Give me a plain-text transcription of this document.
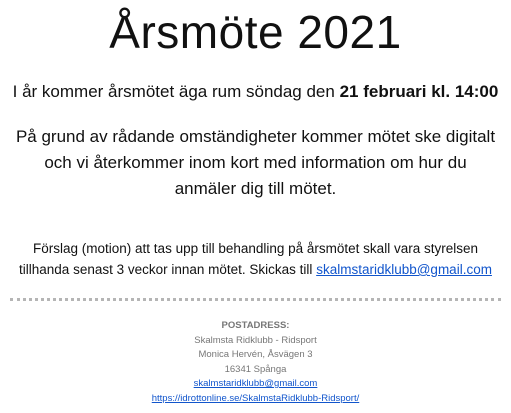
Årsmöte 2021
I år kommer årsmötet äga rum söndag den 21 februari kl. 14:00
På grund av rådande omständigheter kommer mötet ske digitalt och vi återkommer inom kort med information om hur du anmäler dig till mötet.
Förslag (motion) att tas upp till behandling på årsmötet skall vara styrelsen
tillhanda senast 3 veckor innan mötet. Skickas till skalmstaridklubb@gmail.com
POSTADRESS:
Skalmsta Ridklubb - Ridsport
Monica Hervén, Åsvägen 3
16341 Spånga
skalmstaridklubb@gmail.com
https://idrottonline.se/SkalmstaRidklubb-Ridsport/
